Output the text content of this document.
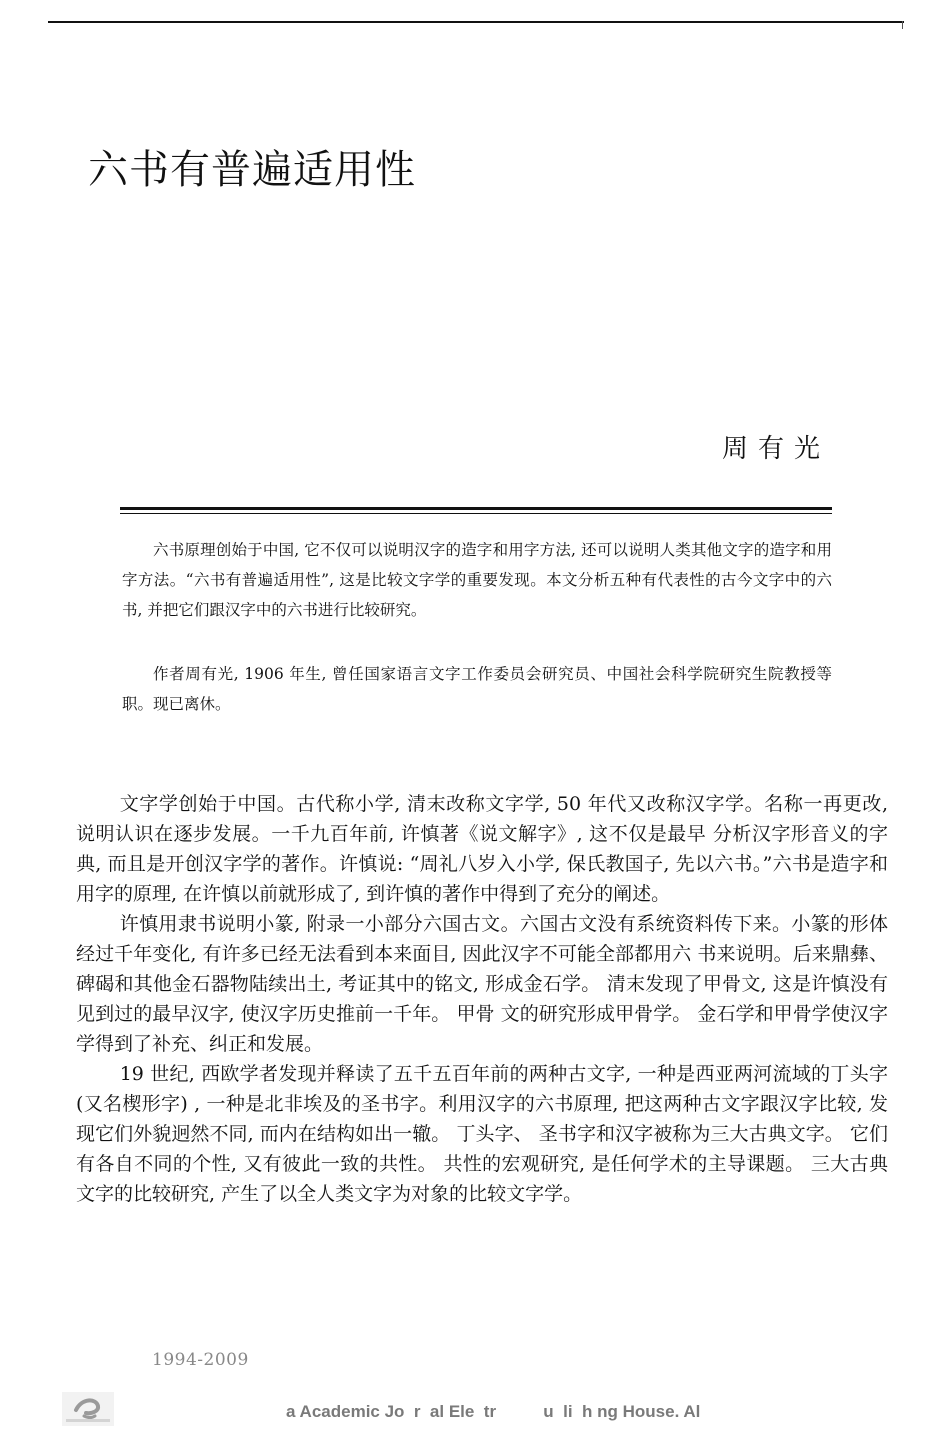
六书有普遍适用性
周有光

六书原理创始于中国, 它不仅可以说明汉字的造字和用字方法, 还可以说明人类其他文字的造字和用字方法。“六书有普遍适用性”, 这是比较文字学的重要发现。本文分析五种有代表性的古今文字中的六书, 并把它们跟汉字中的六书进行比较研究。

作者周有光, 1906 年生, 曾任国家语言文字工作委员会研究员、中国社会科学院研究生院教授等职。现已离休。

文字学创始于中国。古代称小学, 清末改称文字学, 50 年代又改称汉字学。名称一再更改, 说明认识在逐步发展。一千九百年前, 许慎著《说文解字》, 这不仅是最早 分析汉字形音义的字典, 而且是开创汉字学的著作。许慎说: “周礼八岁入小学, 保氏教国子, 先以六书。”六书是造字和用字的原理, 在许慎以前就形成了, 到许慎的著作中得到了充分的阐述。

许慎用隶书说明小篆, 附录一小部分六国古文。六国古文没有系统资料传下来。小篆的形体经过千年变化, 有许多已经无法看到本来面目, 因此汉字不可能全部都用六 书来说明。后来鼎彝、碑碣和其他金石器物陆续出土, 考证其中的铭文, 形成金石学。 清末发现了甲骨文, 这是许慎没有见到过的最早汉字, 使汉字历史推前一千年。 甲骨 文的研究形成甲骨学。 金石学和甲骨学使汉字学得到了补充、纠正和发展。

19 世纪, 西欧学者发现并释读了五千五百年前的两种古文字, 一种是西亚两河流域的丁头字 (又名楔形字) , 一种是北非埃及的圣书字。利用汉字的六书原理, 把这两种古文字跟汉字比较, 发现它们外貌迥然不同, 而内在结构如出一辙。 丁头字、 圣书字和汉字被称为三大古典文字。 它们有各自不同的个性, 又有彼此一致的共性。 共性的宏观研究, 是任何学术的主导课题。 三大古典文字的比较研究, 产生了以全人类文字为对象的比较文字学。

1994-2009
a Academic Jo  r  al Ele  tr          u  li  h ng House. Al
